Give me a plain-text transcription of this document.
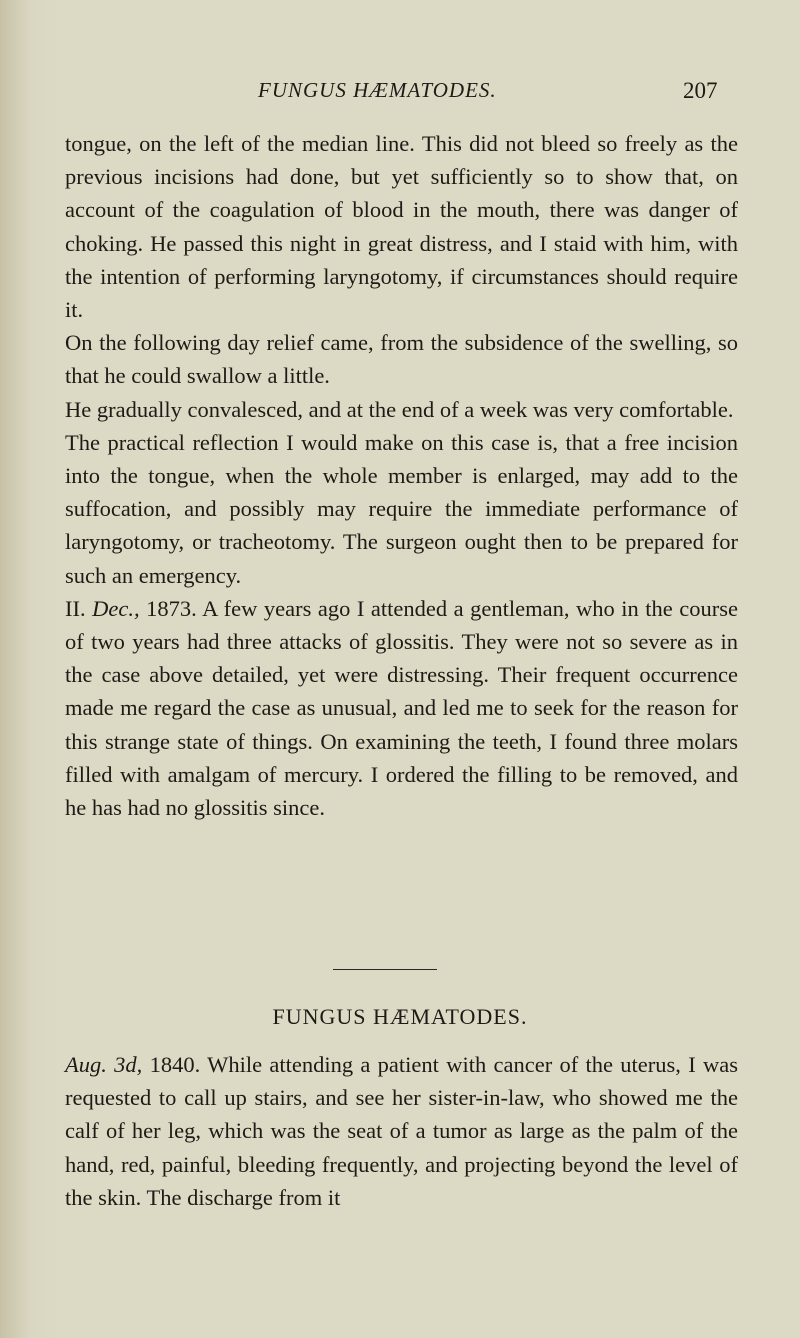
FUNGUS HÆMATODES.	207

tongue, on the left of the median line. This did not bleed so freely as the previous incisions had done, but yet sufficiently so to show that, on account of the coagulation of blood in the mouth, there was danger of choking. He passed this night in great distress, and I staid with him, with the intention of performing laryngotomy, if circumstances should require it.

On the following day relief came, from the subsidence of the swelling, so that he could swallow a little.

He gradually convalesced, and at the end of a week was very comfortable.

The practical reflection I would make on this case is, that a free incision into the tongue, when the whole member is enlarged, may add to the suffocation, and possibly may require the immediate performance of laryngotomy, or tracheotomy. The surgeon ought then to be prepared for such an emergency.

II. Dec., 1873. A few years ago I attended a gentleman, who in the course of two years had three attacks of glossitis. They were not so severe as in the case above detailed, yet were distressing. Their frequent occurrence made me regard the case as unusual, and led me to seek for the reason for this strange state of things. On examining the teeth, I found three molars filled with amalgam of mercury. I ordered the filling to be removed, and he has had no glossitis since.

FUNGUS HÆMATODES.

Aug. 3d, 1840. While attending a patient with cancer of the uterus, I was requested to call up stairs, and see her sister-in-law, who showed me the calf of her leg, which was the seat of a tumor as large as the palm of the hand, red, painful, bleeding frequently, and projecting beyond the level of the skin. The discharge from it
